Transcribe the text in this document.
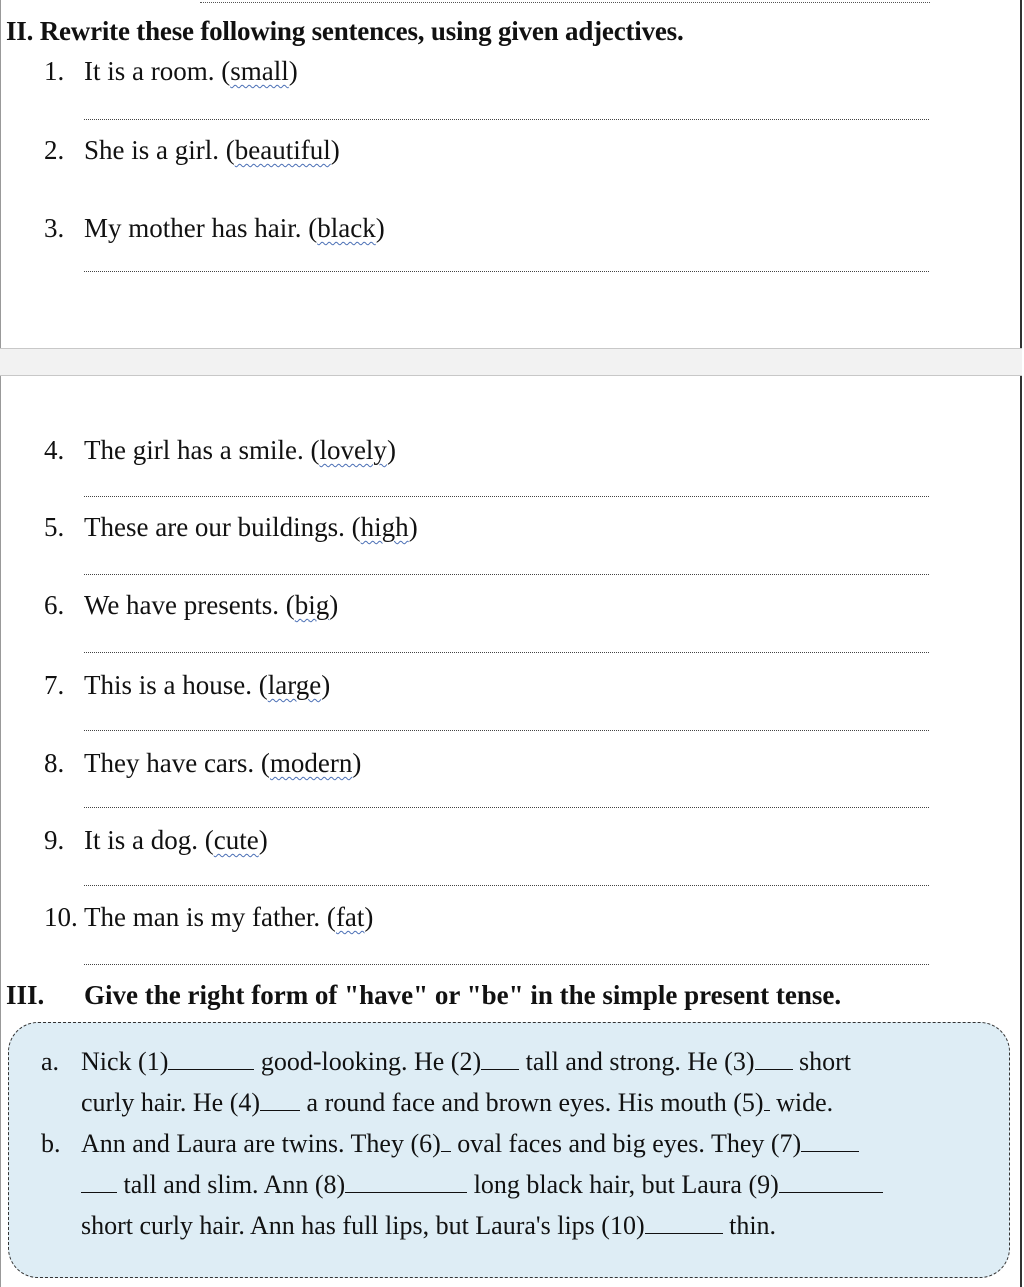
II. Rewrite these following sentences, using given adjectives.
1. It is a room. (small)
2. She is a girl. (beautiful)
3. My mother has hair. (black)
4. The girl has a smile. (lovely)
5. These are our buildings. (high)
6. We have presents. (big)
7. This is a house. (large)
8. They have cars. (modern)
9. It is a dog. (cute)
10. The man is my father. (fat)
III. Give the right form of "have" or "be" in the simple present tense.
a. Nick (1)	good-looking. He (2) tall and strong. He (3) short
curly hair. He (4) a round face and brown eyes. His mouth (5) wide.
b. Ann and Laura are twins. They (6) oval faces and big eyes. They (7)
tall and slim. Ann (8)	long black hair, but Laura (9)
short curly hair. Ann has full lips, but Laura's lips (10)	thin.
